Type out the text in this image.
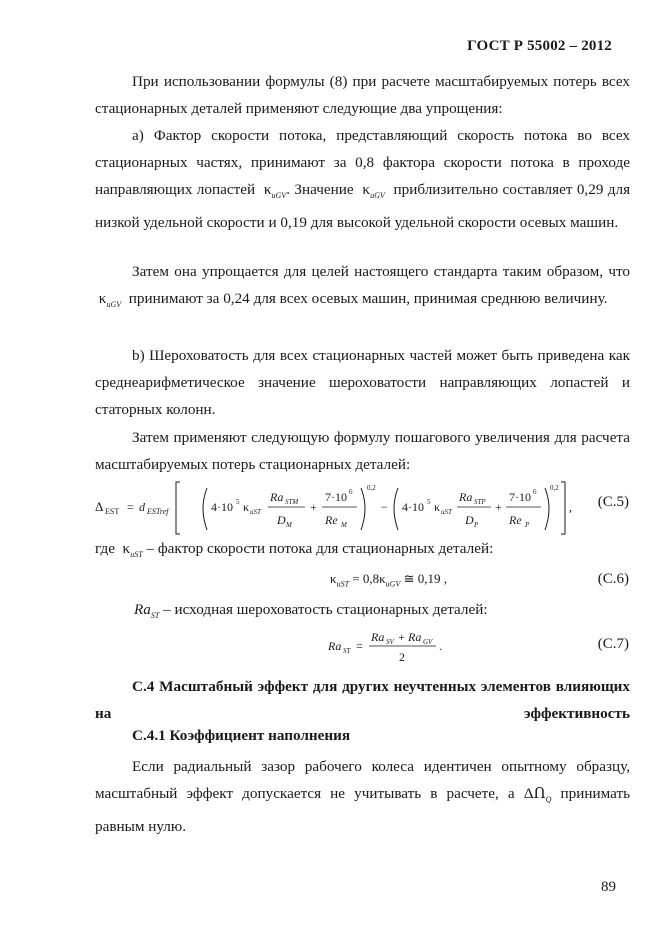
ГОСТ Р 55002 – 2012
При использовании формулы (8) при расчете масштабируемых потерь всех стационарных деталей применяют следующие два упрощения:
а) Фактор скорости потока, представляющий скорость потока во всех стационарных частях, принимают за 0,8 фактора скорости потока в проходе направляющих лопастей $\kappa_{uGV}$. Значение $\kappa_{uGV}$ приблизительно составляет 0,29 для низкой удельной скорости и 0,19 для высокой удельной скорости осевых машин.
Затем она упрощается для целей настоящего стандарта таким образом, что  $\kappa_{uGV}$ принимают за 0,24 для всех осевых машин, принимая среднюю величину.
b) Шероховатость для всех стационарных частей может быть приведена как среднеарифметическое значение шероховатости направляющих лопастей и статорных колонн.
Затем применяют следующую формулу пошагового увеличения для расчета масштабируемых потерь стационарных деталей:
Δ EST = d ESTref	4·10 5 κ uST
Ra STM
D M
+
7·10 6
Re M
0,2
− 4·10 5 κ uST
Ra STP
D P
+
7·10 6
Re P
0,2
, (С.5)
где $\kappa_{uST}$ – фактор скорости потока для стационарных деталей:
$\kappa_{uST} = 0,8\kappa_{uGV}$ ≅ 0,19 ,	(С.6)
$Ra_{ST}$ – исходная шероховатость стационарных деталей:
Ra ST =
Ra SV + Ra GV
2
.	(С.7)
С.4 Масштабный эффект для других неучтенных элементов влияющих на эффективность
С.4.1 Коэффициент наполнения
Если радиальный зазор рабочего колеса идентичен опытному образцу, масштабный эффект допускается не учитывать в расчете, а ΔՈ$_Q$ принимать равным нулю.
89
